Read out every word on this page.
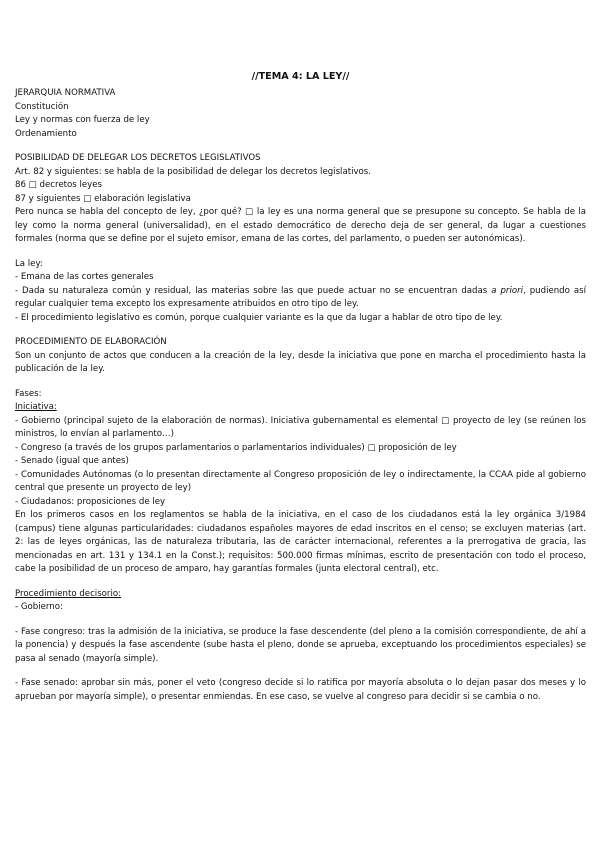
//TEMA 4: LA LEY//

JERARQUIA NORMATIVA

Constitución

Ley y normas con fuerza de ley

Ordenamiento

POSIBILIDAD DE DELEGAR LOS DECRETOS LEGISLATIVOS

Art. 82 y siguientes: se habla de la posibilidad de delegar los decretos legislativos.

86 □ decretos leyes

87 y siguientes □ elaboración legislativa

Pero nunca se habla del concepto de ley, ¿por qué? □ la ley es una norma general que se presupone su concepto. Se habla de la ley como la norma general (universalidad), en el estado democrático de derecho deja de ser general, da lugar a cuestiones formales (norma que se define por el sujeto emisor, emana de las cortes, del parlamento, o pueden ser autonómicas).

La ley:

- Emana de las cortes generales

- Dada su naturaleza común y residual, las materias sobre las que puede actuar no se encuentran dadas a priori, pudiendo así regular cualquier tema excepto los expresamente atribuidos en otro tipo de ley.

- El procedimiento legislativo es común, porque cualquier variante es la que da lugar a hablar de otro tipo de ley.

PROCEDIMIENTO DE ELABORACIÓN

Son un conjunto de actos que conducen a la creación de la ley, desde la iniciativa que pone en marcha el procedimiento hasta la publicación de la ley.

Fases:

Iniciativa:

- Gobierno (principal sujeto de la elaboración de normas). Iniciativa gubernamental es elemental □ proyecto de ley (se reúnen los ministros, lo envían al parlamento…)

- Congreso (a través de los grupos parlamentarios o parlamentarios individuales) □ proposición de ley

- Senado (igual que antes)

- Comunidades Autónomas (o lo presentan directamente al Congreso proposición de ley o indirectamente, la CCAA pide al gobierno central que presente un proyecto de ley)

- Ciudadanos: proposiciones de ley

En los primeros casos en los reglamentos se habla de la iniciativa, en el caso de los ciudadanos está la ley orgánica 3/1984 (campus) tiene algunas particularidades: ciudadanos españoles mayores de edad inscritos en el censo; se excluyen materias (art. 2: las de leyes orgánicas, las de naturaleza tributaria, las de carácter internacional, referentes a la prerrogativa de gracia, las mencionadas en art. 131 y 134.1 en la Const.); requisitos: 500.000 firmas mínimas, escrito de presentación con todo el proceso, cabe la posibilidad de un proceso de amparo, hay garantías formales (junta electoral central), etc.

Procedimiento decisorio:

- Gobierno:

- Fase congreso: tras la admisión de la iniciativa, se produce la fase descendente (del pleno a la comisión correspondiente, de ahí a la ponencia) y después la fase ascendente (sube hasta el pleno, donde se aprueba, exceptuando los procedimientos especiales) se pasa al senado (mayoría simple).

- Fase senado: aprobar sin más, poner el veto (congreso decide si lo ratifica por mayoría absoluta o lo dejan pasar dos meses y lo aprueban por mayoría simple), o presentar enmiendas. En ese caso, se vuelve al congreso para decidir si se cambia o no.
